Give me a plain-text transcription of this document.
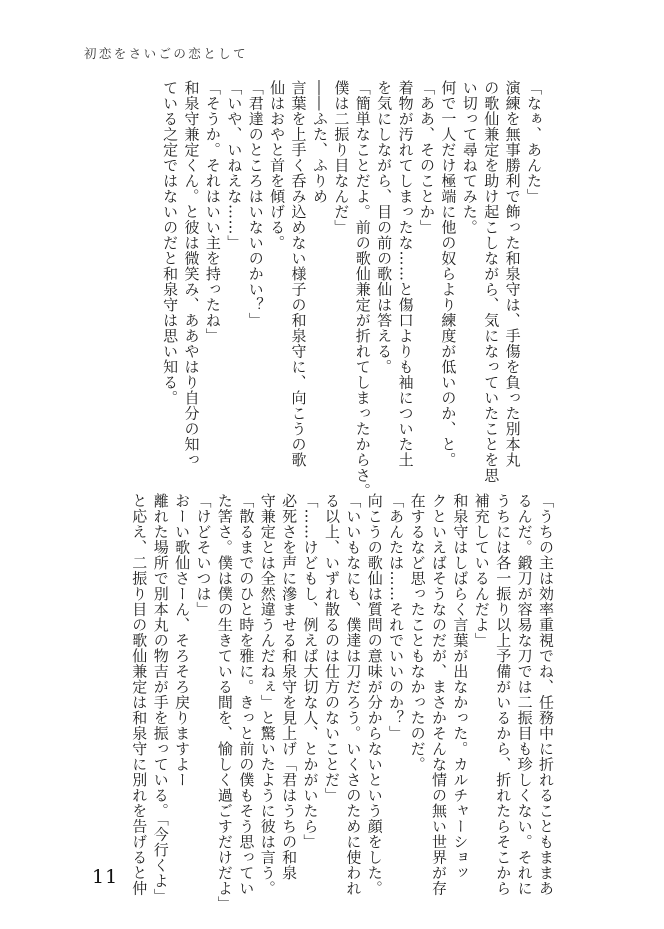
初恋をさいごの恋として
「なぁ、あんた」
演練を無事勝利で飾った和泉守は、手傷を負った別本丸
の歌仙兼定を助け起こしながら、気になっていたことを思
い切って尋ねてみた。
何で一人だけ極端に他の奴らより練度が低いのか、と。
「ああ、そのことか」
着物が汚れてしまったな……と傷口よりも袖についた土
を気にしながら、目の前の歌仙は答える。
「簡単なことだよ。前の歌仙兼定が折れてしまったからさ。
僕は二振り目なんだ」
――ふた、ふりめ
言葉を上手く呑み込めない様子の和泉守に、向こうの歌
仙はおやと首を傾げる。
「君達のところはいないのかい？」
「いや、いねえな……」
「そうか。それはいい主を持ったね」
和泉守兼定くん。と彼は微笑み、ああやはり自分の知っ
ている之定ではないのだと和泉守は思い知る。
「うちの主は効率重視でね、任務中に折れることもままあ
るんだ。鍛刀が容易な刀では二振目も珍しくない。それに
うちには各一振り以上予備がいるから、折れたらそこから
補充しているんだよ」
和泉守はしばらく言葉が出なかった。カルチャーショッ
クといえばそうなのだが、まさかそんな情の無い世界が存
在するなど思ったこともなかったのだ。
「あんたは……それでいいのか？」
向こうの歌仙は質問の意味が分からないという顔をした。
「いいもなにも、僕達は刀だろう。いくさのために使われ
る以上、いずれ散るのは仕方のないことだ」
「……けどもし、例えば大切な人、とかがいたら」
必死さを声に滲ませる和泉守を見上げ「君はうちの和泉
守兼定とは全然違うんだねぇ」と驚いたように彼は言う。
「散るまでのひと時を雅に。きっと前の僕もそう思ってい
た筈さ。僕は僕の生きている間を、愉しく過ごすだけだよ」
「けどそいつは」
おーい歌仙さーん、そろそろ戻りますよー
離れた場所で別本丸の物吉が手を振っている。「今行くよ」
と応え、二振り目の歌仙兼定は和泉守に別れを告げると仲
11
